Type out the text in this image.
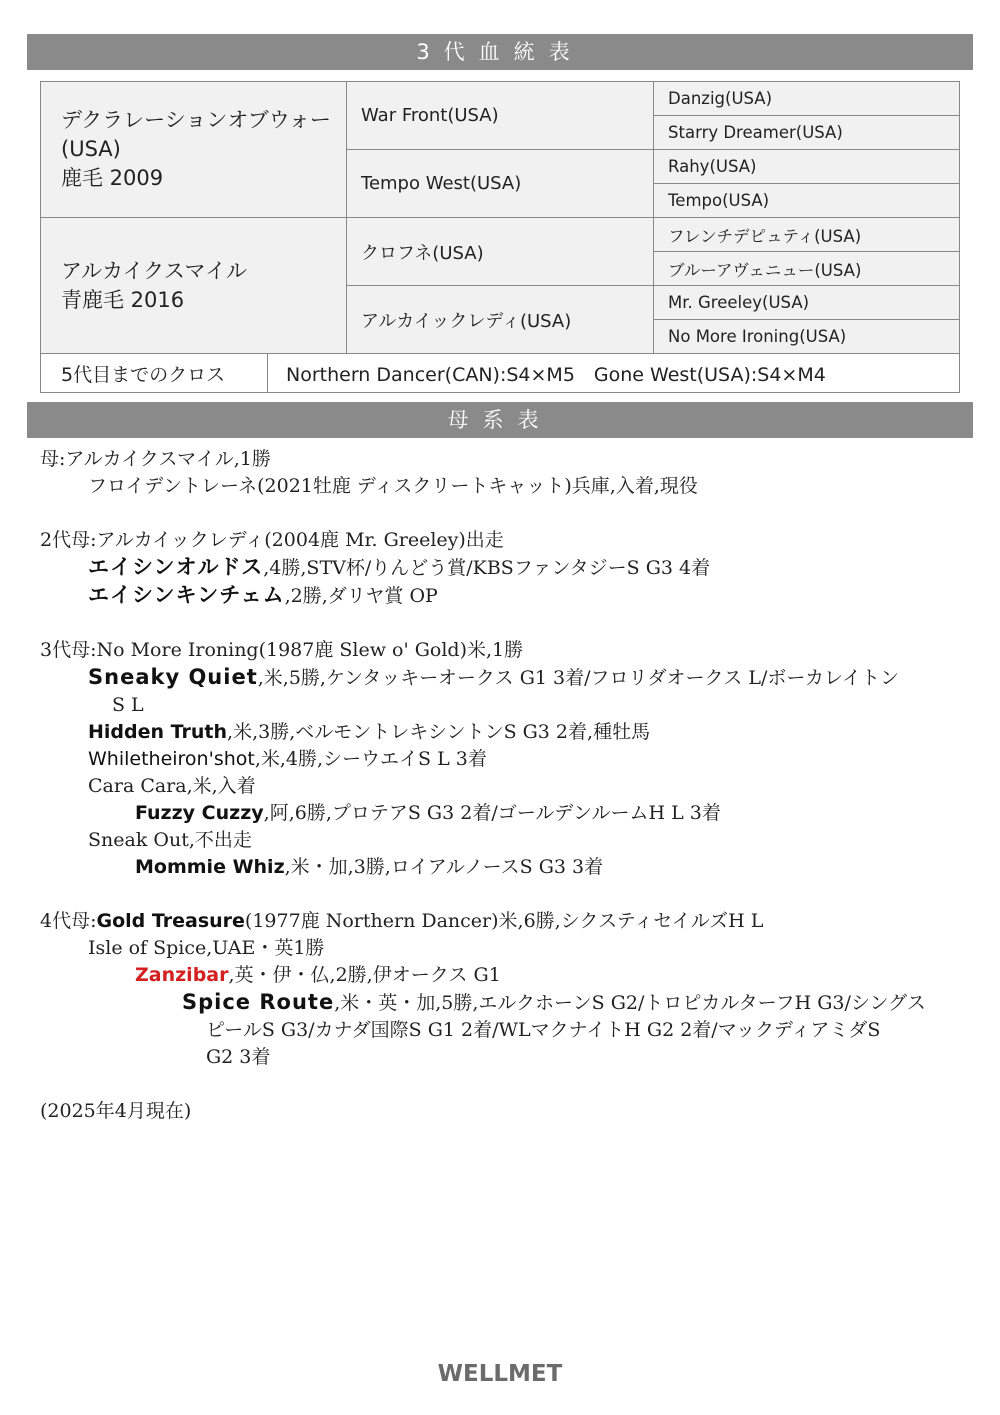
3代血統表
デクラレーションオブウォー(USA)
鹿毛 2009		War Front(USA)	Danzig(USA)
			Starry Dreamer(USA)
		Tempo West(USA)	Rahy(USA)
			Tempo(USA)

アルカイクスマイル
青鹿毛 2016		クロフネ(USA)	フレンチデピュティ(USA)
			ブルーアヴェニュー(USA)
		アルカイックレディ(USA)	Mr. Greeley(USA)
			No More Ironing(USA)
5代目までのクロス	Northern Dancer(CAN):S4×M5　Gone West(USA):S4×M4		
母系表
母:アルカイクスマイル,1勝
フロイデントレーネ(2021牡鹿 ディスクリートキャット)兵庫,入着,現役
2代母:アルカイックレディ(2004鹿 Mr. Greeley)出走
エイシンオルドス,4勝,STV杯/りんどう賞/KBSファンタジーS G3 4着
エイシンキンチェム,2勝,ダリヤ賞 OP
3代母:No More Ironing(1987鹿 Slew o' Gold)米,1勝
Sneaky Quiet,米,5勝,ケンタッキーオークス G1 3着/フロリダオークス L/ボーカレイトン
S L
Hidden Truth,米,3勝,ベルモントレキシントンS G3 2着,種牡馬
Whiletheiron'shot,米,4勝,シーウエイS L 3着
Cara Cara,米,入着
Fuzzy Cuzzy,阿,6勝,プロテアS G3 2着/ゴールデンルームH L 3着
Sneak Out,不出走
Mommie Whiz,米・加,3勝,ロイアルノースS G3 3着
4代母:Gold Treasure(1977鹿 Northern Dancer)米,6勝,シクスティセイルズH L
Isle of Spice,UAE・英1勝
Zanzibar,英・伊・仏,2勝,伊オークス G1
Spice Route,米・英・加,5勝,エルクホーンS G2/トロピカルターフH G3/シングス
ピールS G3/カナダ国際S G1 2着/WLマクナイトH G2 2着/マックディアミダS
G2 3着
(2025年4月現在)
WELLMET
